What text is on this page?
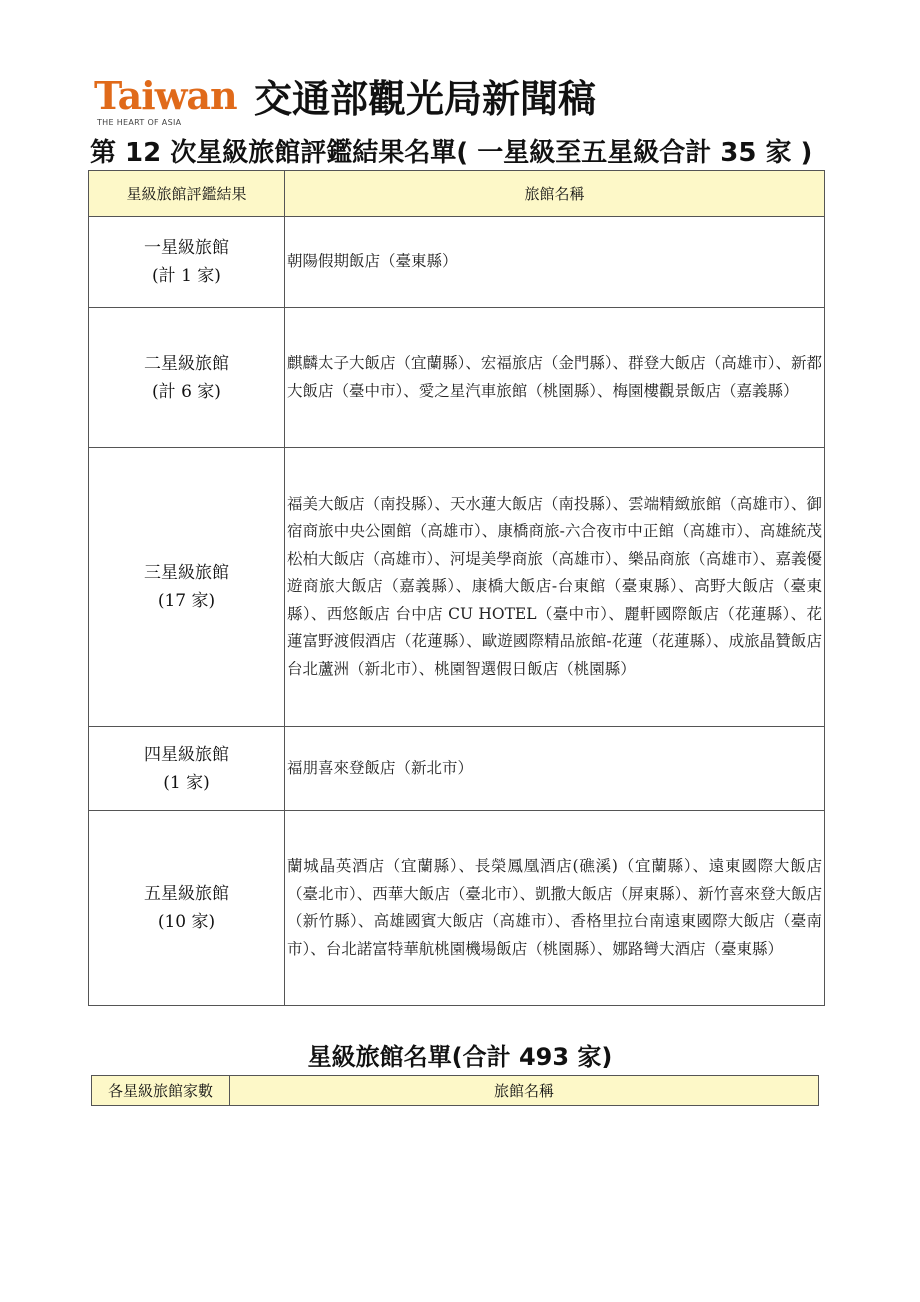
Taiwan
THE HEART OF ASIA
交通部觀光局新聞稿
第 12 次星級旅館評鑑結果名單( 一星級至五星級合計 35 家 )
星級旅館評鑑結果	旅館名稱

一星級旅館
(計 1 家)	朝陽假期飯店（臺東縣）

二星級旅館
(計 6 家)	麒麟太子大飯店（宜蘭縣）、宏福旅店（金門縣）、群登大飯店（高雄市）、新都大飯店（臺中市）、愛之星汽車旅館（桃園縣）、梅園樓觀景飯店（嘉義縣）

三星級旅館
(17 家)	福美大飯店（南投縣）、天水蓮大飯店（南投縣）、雲端精緻旅館（高雄市）、御宿商旅中央公園館（高雄市）、康橋商旅-六合夜市中正館（高雄市）、高雄統茂松柏大飯店（高雄市）、河堤美學商旅（高雄市）、樂品商旅（高雄市）、嘉義優遊商旅大飯店（嘉義縣）、康橋大飯店-台東館（臺東縣）、高野大飯店（臺東縣）、西悠飯店 台中店 CU HOTEL（臺中市）、麗軒國際飯店（花蓮縣）、花蓮富野渡假酒店（花蓮縣）、歐遊國際精品旅館-花蓮（花蓮縣）、成旅晶贊飯店台北蘆洲（新北市）、桃園智選假日飯店（桃園縣）

四星級旅館
(1 家)	福朋喜來登飯店（新北市）

五星級旅館
(10 家)	蘭城晶英酒店（宜蘭縣）、長榮鳳凰酒店(礁溪)（宜蘭縣）、遠東國際大飯店（臺北市）、西華大飯店（臺北市）、凱撒大飯店（屏東縣）、新竹喜來登大飯店（新竹縣）、高雄國賓大飯店（高雄市）、香格里拉台南遠東國際大飯店（臺南市）、台北諾富特華航桃園機場飯店（桃園縣）、娜路彎大酒店（臺東縣）
星級旅館名單(合計 493 家)
各星級旅館家數	旅館名稱
